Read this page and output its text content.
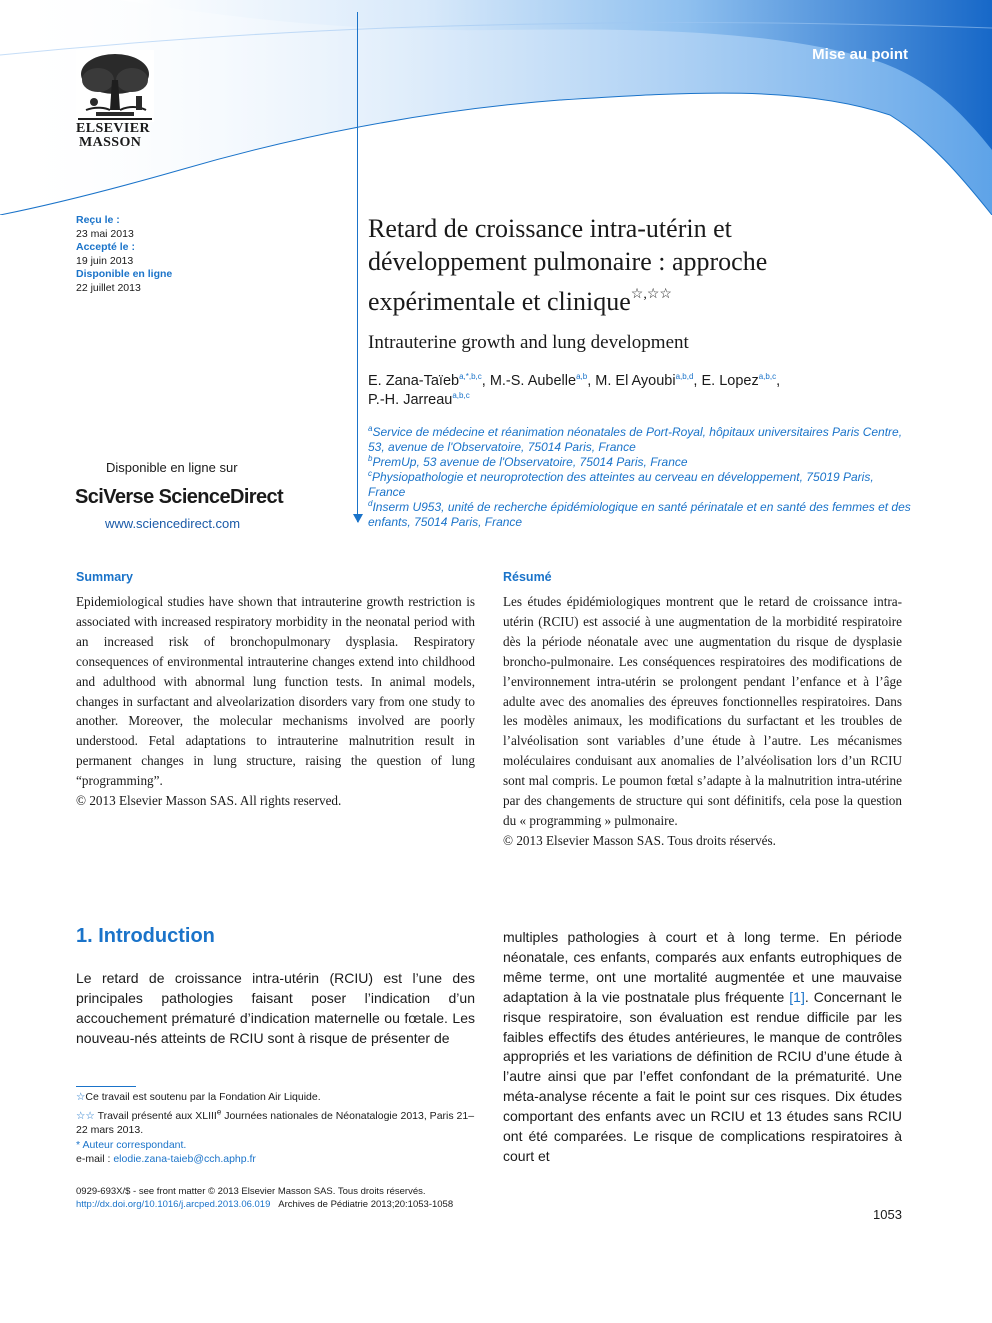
Mise au point
ELSEVIER
MASSON
Reçu le :
23 mai 2013
Accepté le :
19 juin 2013
Disponible en ligne
22 juillet 2013
Disponible en ligne sur
SciVerse ScienceDirect
www.sciencedirect.com
Retard de croissance intra-utérin et
développement pulmonaire : approche
expérimentale et clinique☆,☆☆
Intrauterine growth and lung development
E. Zana-Taïeb$^{a,*,b,c}$, M.-S. Aubelle$^{a,b}$, M. El Ayoubi$^{a,b,d}$, E. Lopez$^{a,b,c}$,
P.-H. Jarreau$^{a,b,c}$
$^a$Service de médecine et réanimation néonatales de Port-Royal, hôpitaux universitaires Paris Centre, 53, avenue de l'Observatoire, 75014 Paris, France
$^b$PremUp, 53 avenue de l'Observatoire, 75014 Paris, France
$^c$Physiopathologie et neuroprotection des atteintes au cerveau en développement, 75019 Paris, France
$^d$Inserm U953, unité de recherche épidémiologique en santé périnatale et en santé des femmes et des enfants, 75014 Paris, France
Summary
Epidemiological studies have shown that intrauterine growth restriction is associated with increased respiratory morbidity in the neonatal period with an increased risk of bronchopulmonary dysplasia. Respiratory consequences of environmental intrauterine changes extend into childhood and adulthood with abnormal lung function tests. In animal models, changes in surfactant and alveolarization disorders vary from one study to another. Moreover, the molecular mechanisms involved are poorly understood. Fetal adaptations to intrauterine malnutrition result in permanent changes in lung structure, raising the question of lung “programming”.
© 2013 Elsevier Masson SAS. All rights reserved.
Résumé
Les études épidémiologiques montrent que le retard de croissance intra-utérin (RCIU) est associé à une augmentation de la morbidité respiratoire dès la période néonatale avec une augmentation du risque de dysplasie broncho-pulmonaire. Les conséquences respiratoires des modifications de l’environnement intra-utérin se prolongent pendant l’enfance et à l’âge adulte avec des anomalies des épreuves fonctionnelles respiratoires. Dans les modèles animaux, les modifications du surfactant et les troubles de l’alvéolisation sont variables d’une étude à l’autre. Les mécanismes moléculaires conduisant aux anomalies de l’alvéolisation lors d’un RCIU sont mal compris. Le poumon fœtal s’adapte à la malnutrition intra-utérine par des changements de structure qui sont définitifs, cela pose la question du « programming » pulmonaire.
© 2013 Elsevier Masson SAS. Tous droits réservés.
1. Introduction
Le retard de croissance intra-utérin (RCIU) est l’une des principales pathologies faisant poser l’indication d’un accouchement prématuré d’indication maternelle ou fœtale. Les nouveau-nés atteints de RCIU sont à risque de présenter de
multiples pathologies à court et à long terme. En période néonatale, ces enfants, comparés aux enfants eutrophiques de même terme, ont une mortalité augmentée et une mauvaise adaptation à la vie postnatale plus fréquente [1]. Concernant le risque respiratoire, son évaluation est rendue difficile par les faibles effectifs des études antérieures, le manque de contrôles appropriés et les variations de définition de RCIU d’une étude à l’autre ainsi que par l’effet confondant de la prématurité. Une méta-analyse récente a fait le point sur ces risques. Dix études comportant des enfants avec un RCIU et 13 études sans RCIU ont été comparées. Le risque de complications respiratoires à court et
☆Ce travail est soutenu par la Fondation Air Liquide.
☆☆ Travail présenté aux XLIIIe Journées nationales de Néonatalogie 2013, Paris 21–22 mars 2013.
* Auteur correspondant.
e-mail : elodie.zana-taieb@cch.aphp.fr
0929-693X/$ - see front matter © 2013 Elsevier Masson SAS. Tous droits réservés.
http://dx.doi.org/10.1016/j.arcped.2013.06.019 Archives de Pédiatrie 2013;20:1053-1058
1053
